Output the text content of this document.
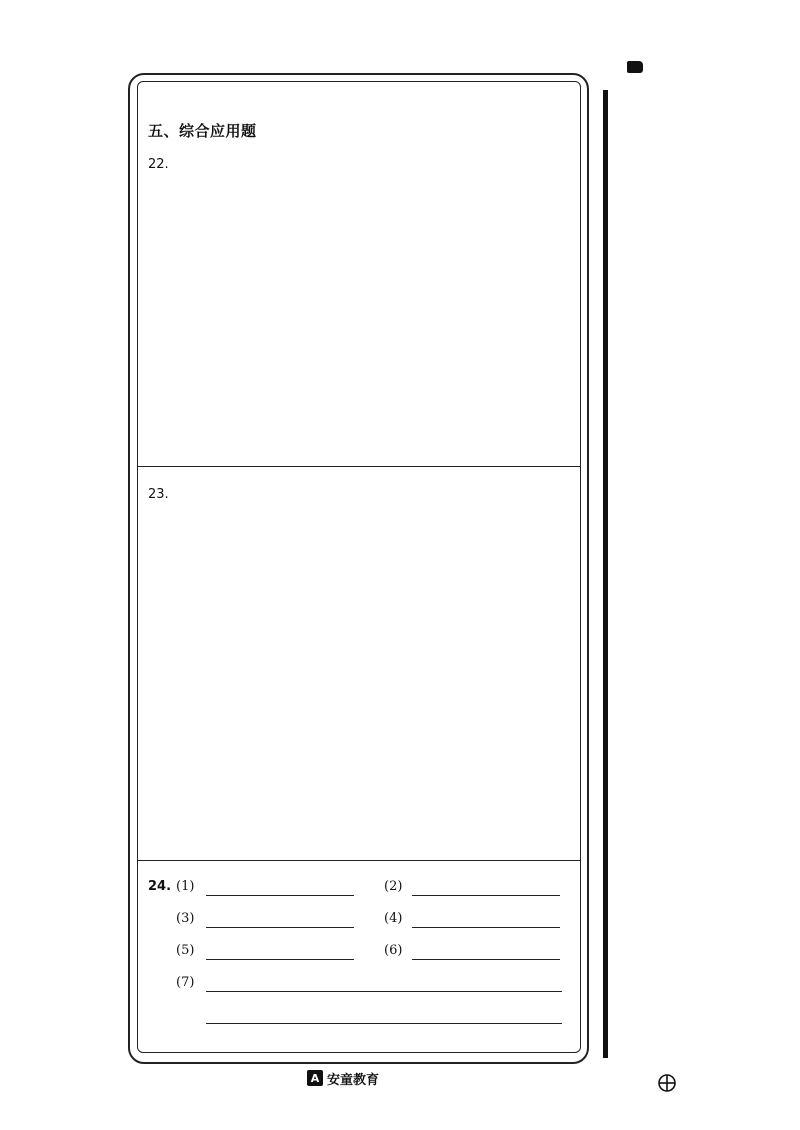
五、综合应用题
22.
23.
24. (1)	(2)
(3)	(4)
(5)	(6)
(7)
A 安童教育
